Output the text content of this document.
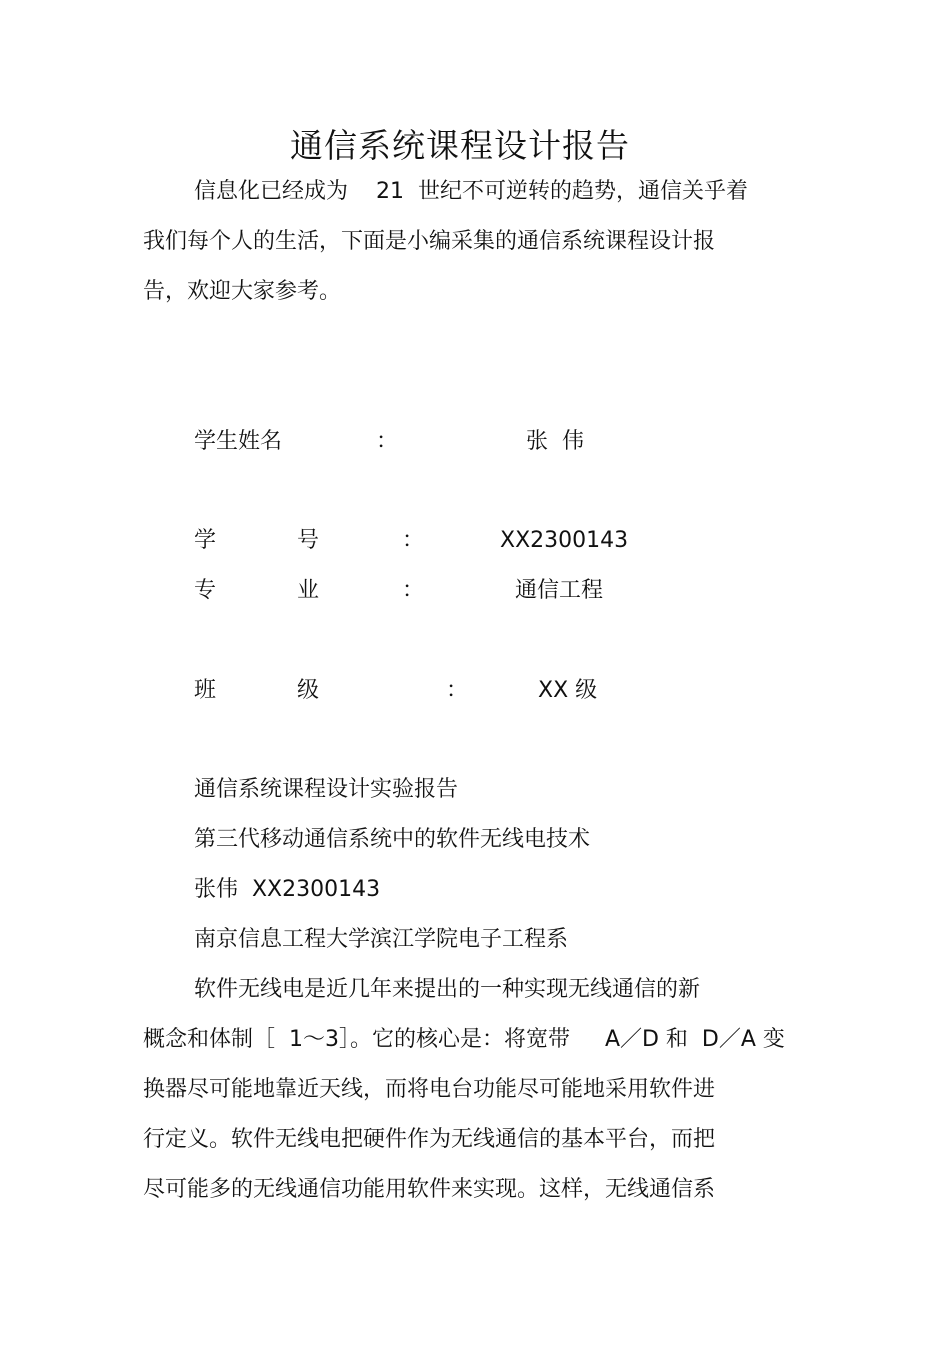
通信系统课程设计报告
信息化已经成为    21  世纪不可逆转的趋势，通信关乎着
我们每个人的生活，下面是小编采集的通信系统课程设计报
告，欢迎大家参考。
学生姓名	：	张  伟
学	号	：	XX2300143
专	业	：	通信工程
班	级	：	XX 级
通信系统课程设计实验报告
第三代移动通信系统中的软件无线电技术
张伟  XX2300143
南京信息工程大学滨江学院电子工程系
软件无线电是近几年来提出的一种实现无线通信的新
概念和体制［  1～3］。它的核心是：将宽带     A／D 和  D／A 变
换器尽可能地靠近天线，而将电台功能尽可能地采用软件进
行定义。软件无线电把硬件作为无线通信的基本平台，而把
尽可能多的无线通信功能用软件来实现。这样，无线通信系
